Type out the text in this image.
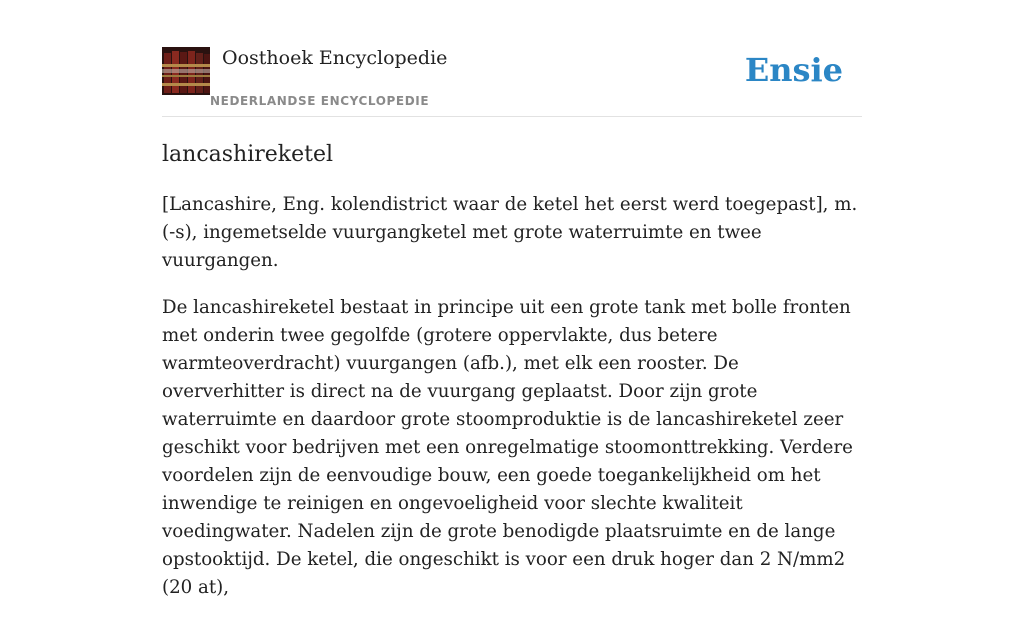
Oosthoek Encyclopedie
NEDERLANDSE ENCYCLOPEDIE
Ensie
lancashireketel

[Lancashire, Eng. kolendistrict waar de ketel het eerst werd toegepast], m. (-s), ingemetselde vuurgangketel met grote waterruimte en twee vuurgangen.

De lancashireketel bestaat in principe uit een grote tank met bolle fronten met onderin twee gegolfde (grotere oppervlakte, dus betere warmteoverdracht) vuurgangen (afb.), met elk een rooster. De oververhitter is direct na de vuurgang geplaatst. Door zijn grote waterruimte en daardoor grote stoomproduktie is de lancashireketel zeer geschikt voor bedrijven met een onregelmatige stoomonttrekking. Verdere voordelen zijn de eenvoudige bouw, een goede toegankelijkheid om het inwendige te reinigen en ongevoeligheid voor slechte kwaliteit voedingwater. Nadelen zijn de grote benodigde plaatsruimte en de lange opstooktijd. De ketel, die ongeschikt is voor een druk hoger dan 2 N/mm2 (20 at),
